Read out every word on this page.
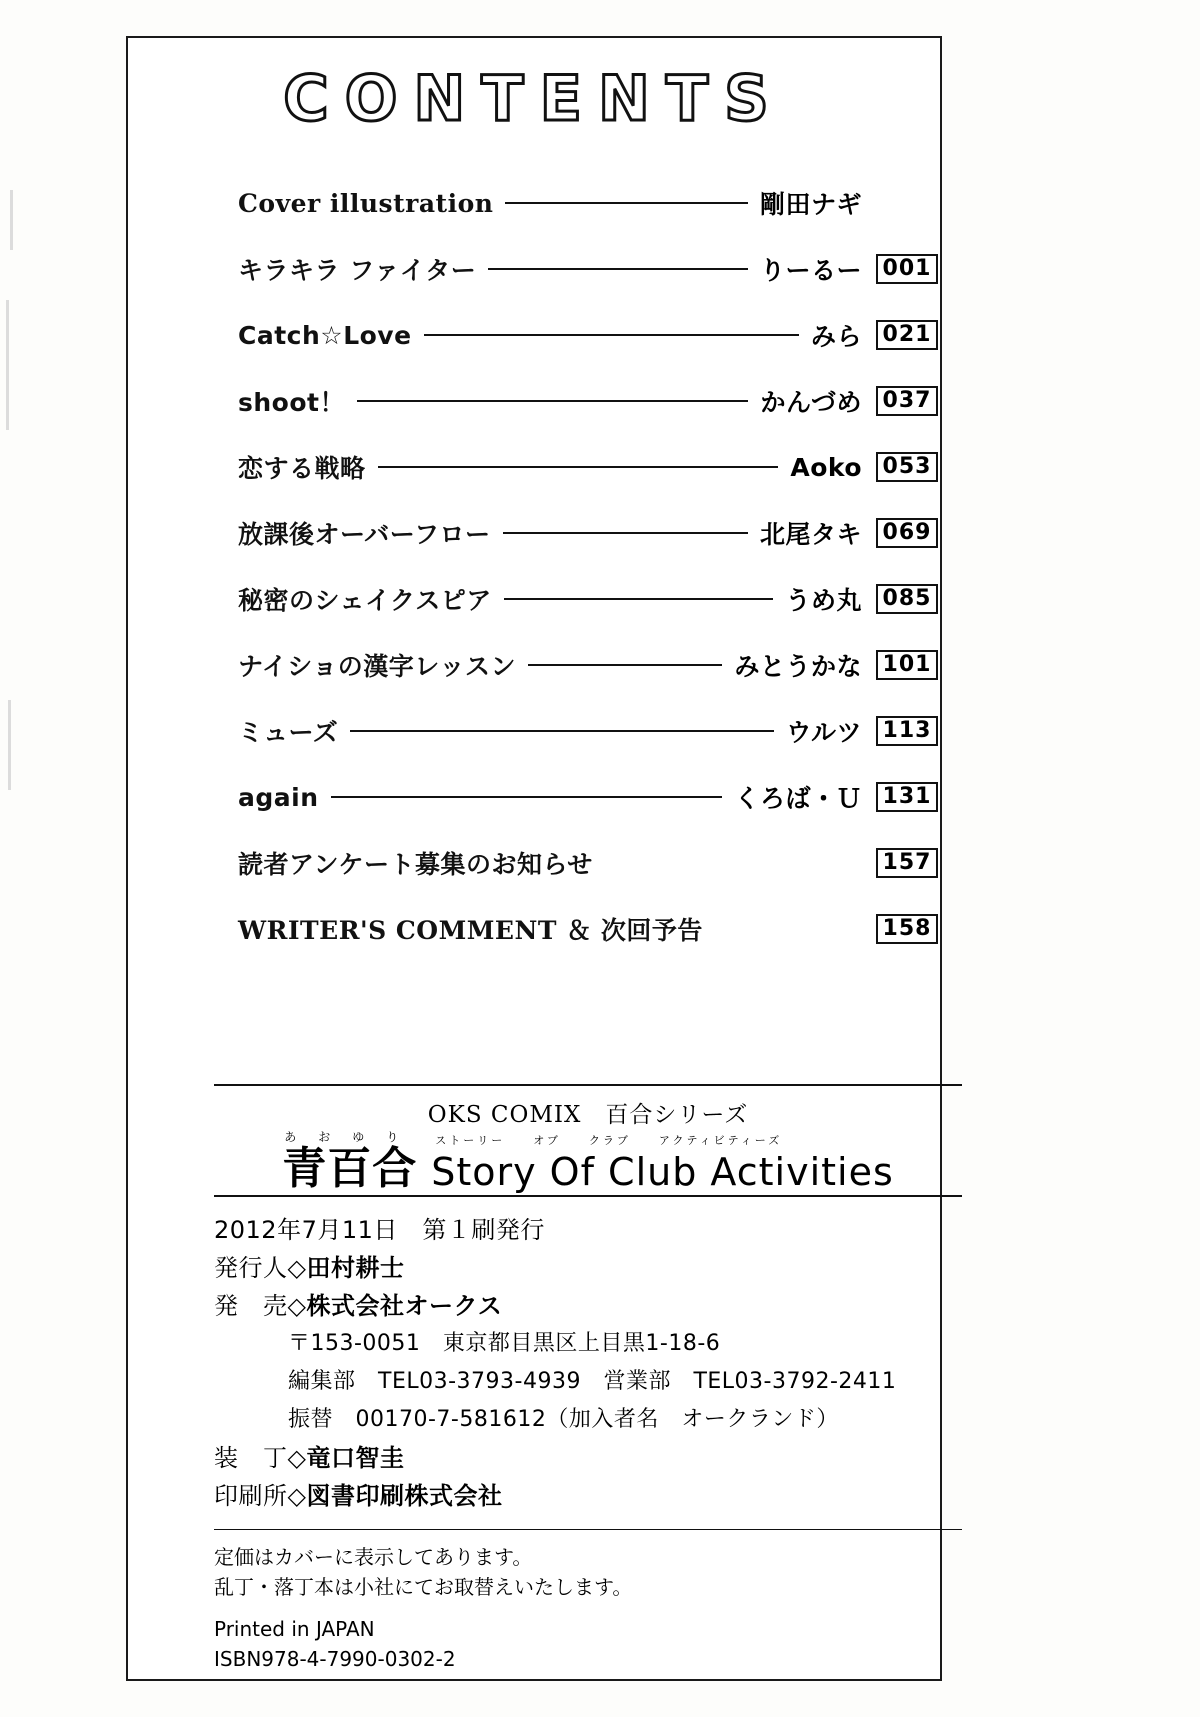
CONTENTS
Cover illustration	剛田ナギ
キラキラ ファイター	りーるー 001
Catch☆Love	みら 021
shoot！	かんづめ 037
恋する戦略	Aoko 053
放課後オーバーフロー	北尾タキ 069
秘密のシェイクスピア	うめ丸 085
ナイショの漢字レッスン	みとうかな 101
ミューズ	ウルツ 113
again	くろば・Ｕ 131
読者アンケート募集のお知らせ	157
WRITER'S COMMENT ＆ 次回予告	158
OKS COMIX　百合シリーズ
あおゆり
青百合
ストーリー　　オブ　　クラブ　　アクティビティーズ
Story Of Club Activities
2012年7月11日　第１刷発行
発行人◇田村耕士
発　売◇株式会社オークス
〒153-0051　東京都目黒区上目黒1-18-6
編集部　TEL03-3793-4939　営業部　TEL03-3792-2411
振替　00170-7-581612（加入者名　オークランド）
装　丁◇竜口智圭
印刷所◇図書印刷株式会社
定価はカバーに表示してあります。
乱丁・落丁本は小社にてお取替えいたします。
Printed in JAPAN
ISBN978-4-7990-0302-2
